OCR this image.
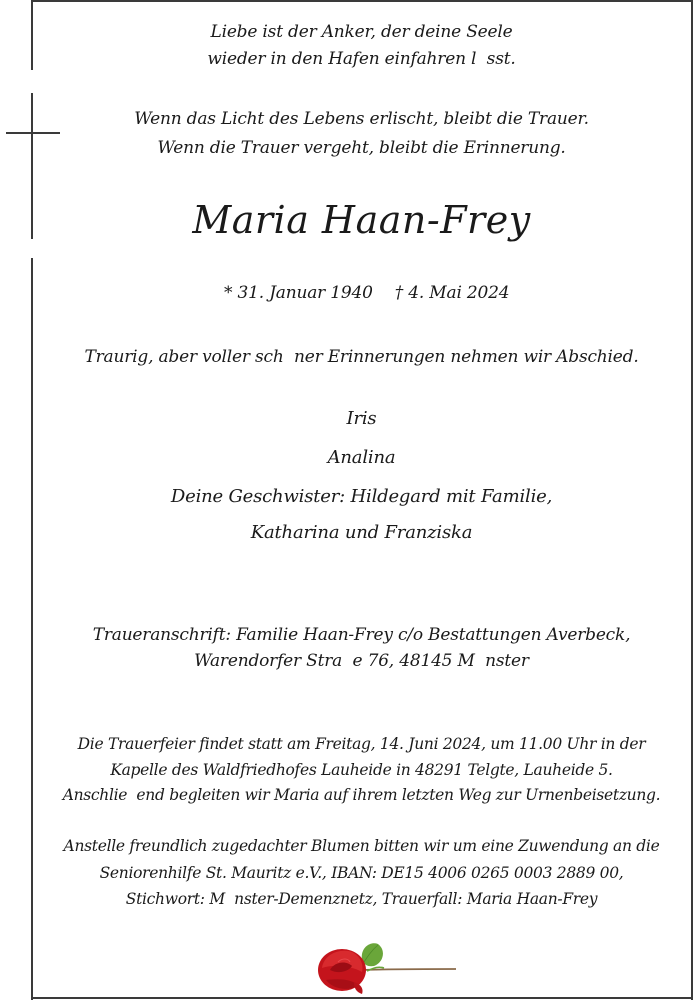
Liebe ist der Anker, der deine Seele
wieder in den Hafen einfahren l  sst.
Wenn das Licht des Lebens erlischt, bleibt die Trauer.
Wenn die Trauer vergeht, bleibt die Erinnerung.
Maria Haan-Frey

* 31. Januar 1940 † 4. Mai 2024

Traurig, aber voller sch  ner Erinnerungen nehmen wir Abschied.
Iris
Analina
Deine Geschwister: Hildegard mit Familie,
Katharina und Franziska
Traueranschrift: Familie Haan-Frey c/o Bestattungen Averbeck,
Warendorfer Stra  e 76, 48145 M  nster
Die Trauerfeier findet statt am Freitag, 14. Juni 2024, um 11.00 Uhr in der
Kapelle des Waldfriedhofes Lauheide in 48291 Telgte, Lauheide 5.
Anschlie  end begleiten wir Maria auf ihrem letzten Weg zur Urnenbeisetzung.
Anstelle freundlich zugedachter Blumen bitten wir um eine Zuwendung an die
Seniorenhilfe St. Mauritz e.V., IBAN: DE15 4006 0265 0003 2889 00,
Stichwort: M  nster-Demenznetz, Trauerfall: Maria Haan-Frey
